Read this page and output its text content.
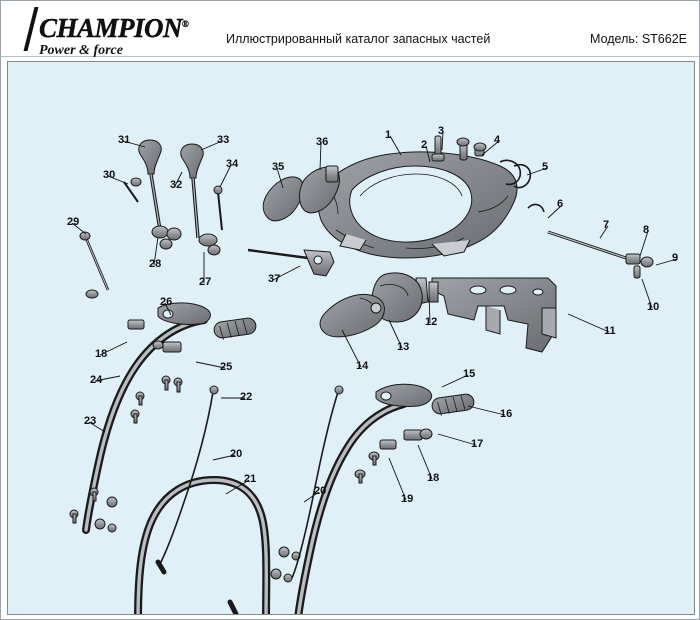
CHAMPION®
Power & force
Иллюстрированный каталог запасных частей	Модель: ST662E
1
2
3
4
5
6
7	8
9
10
11
12
13
14
15
16
17
18
19
20
20
21
22
23
24
25
26
18
27
28
29
30
31
32
33
34	35
36
37
